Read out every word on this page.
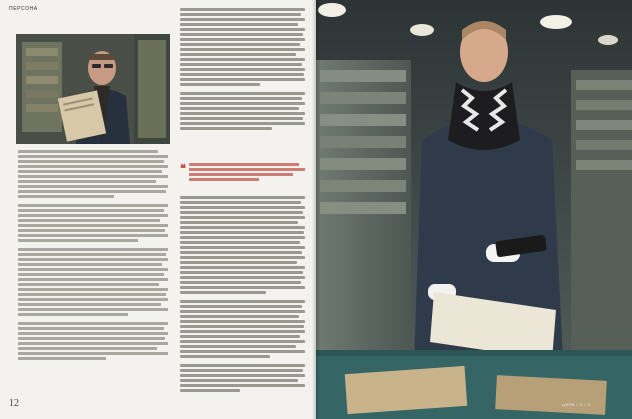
ПЕРСОНА
❝
12	ЦИРК • 2 • 3
